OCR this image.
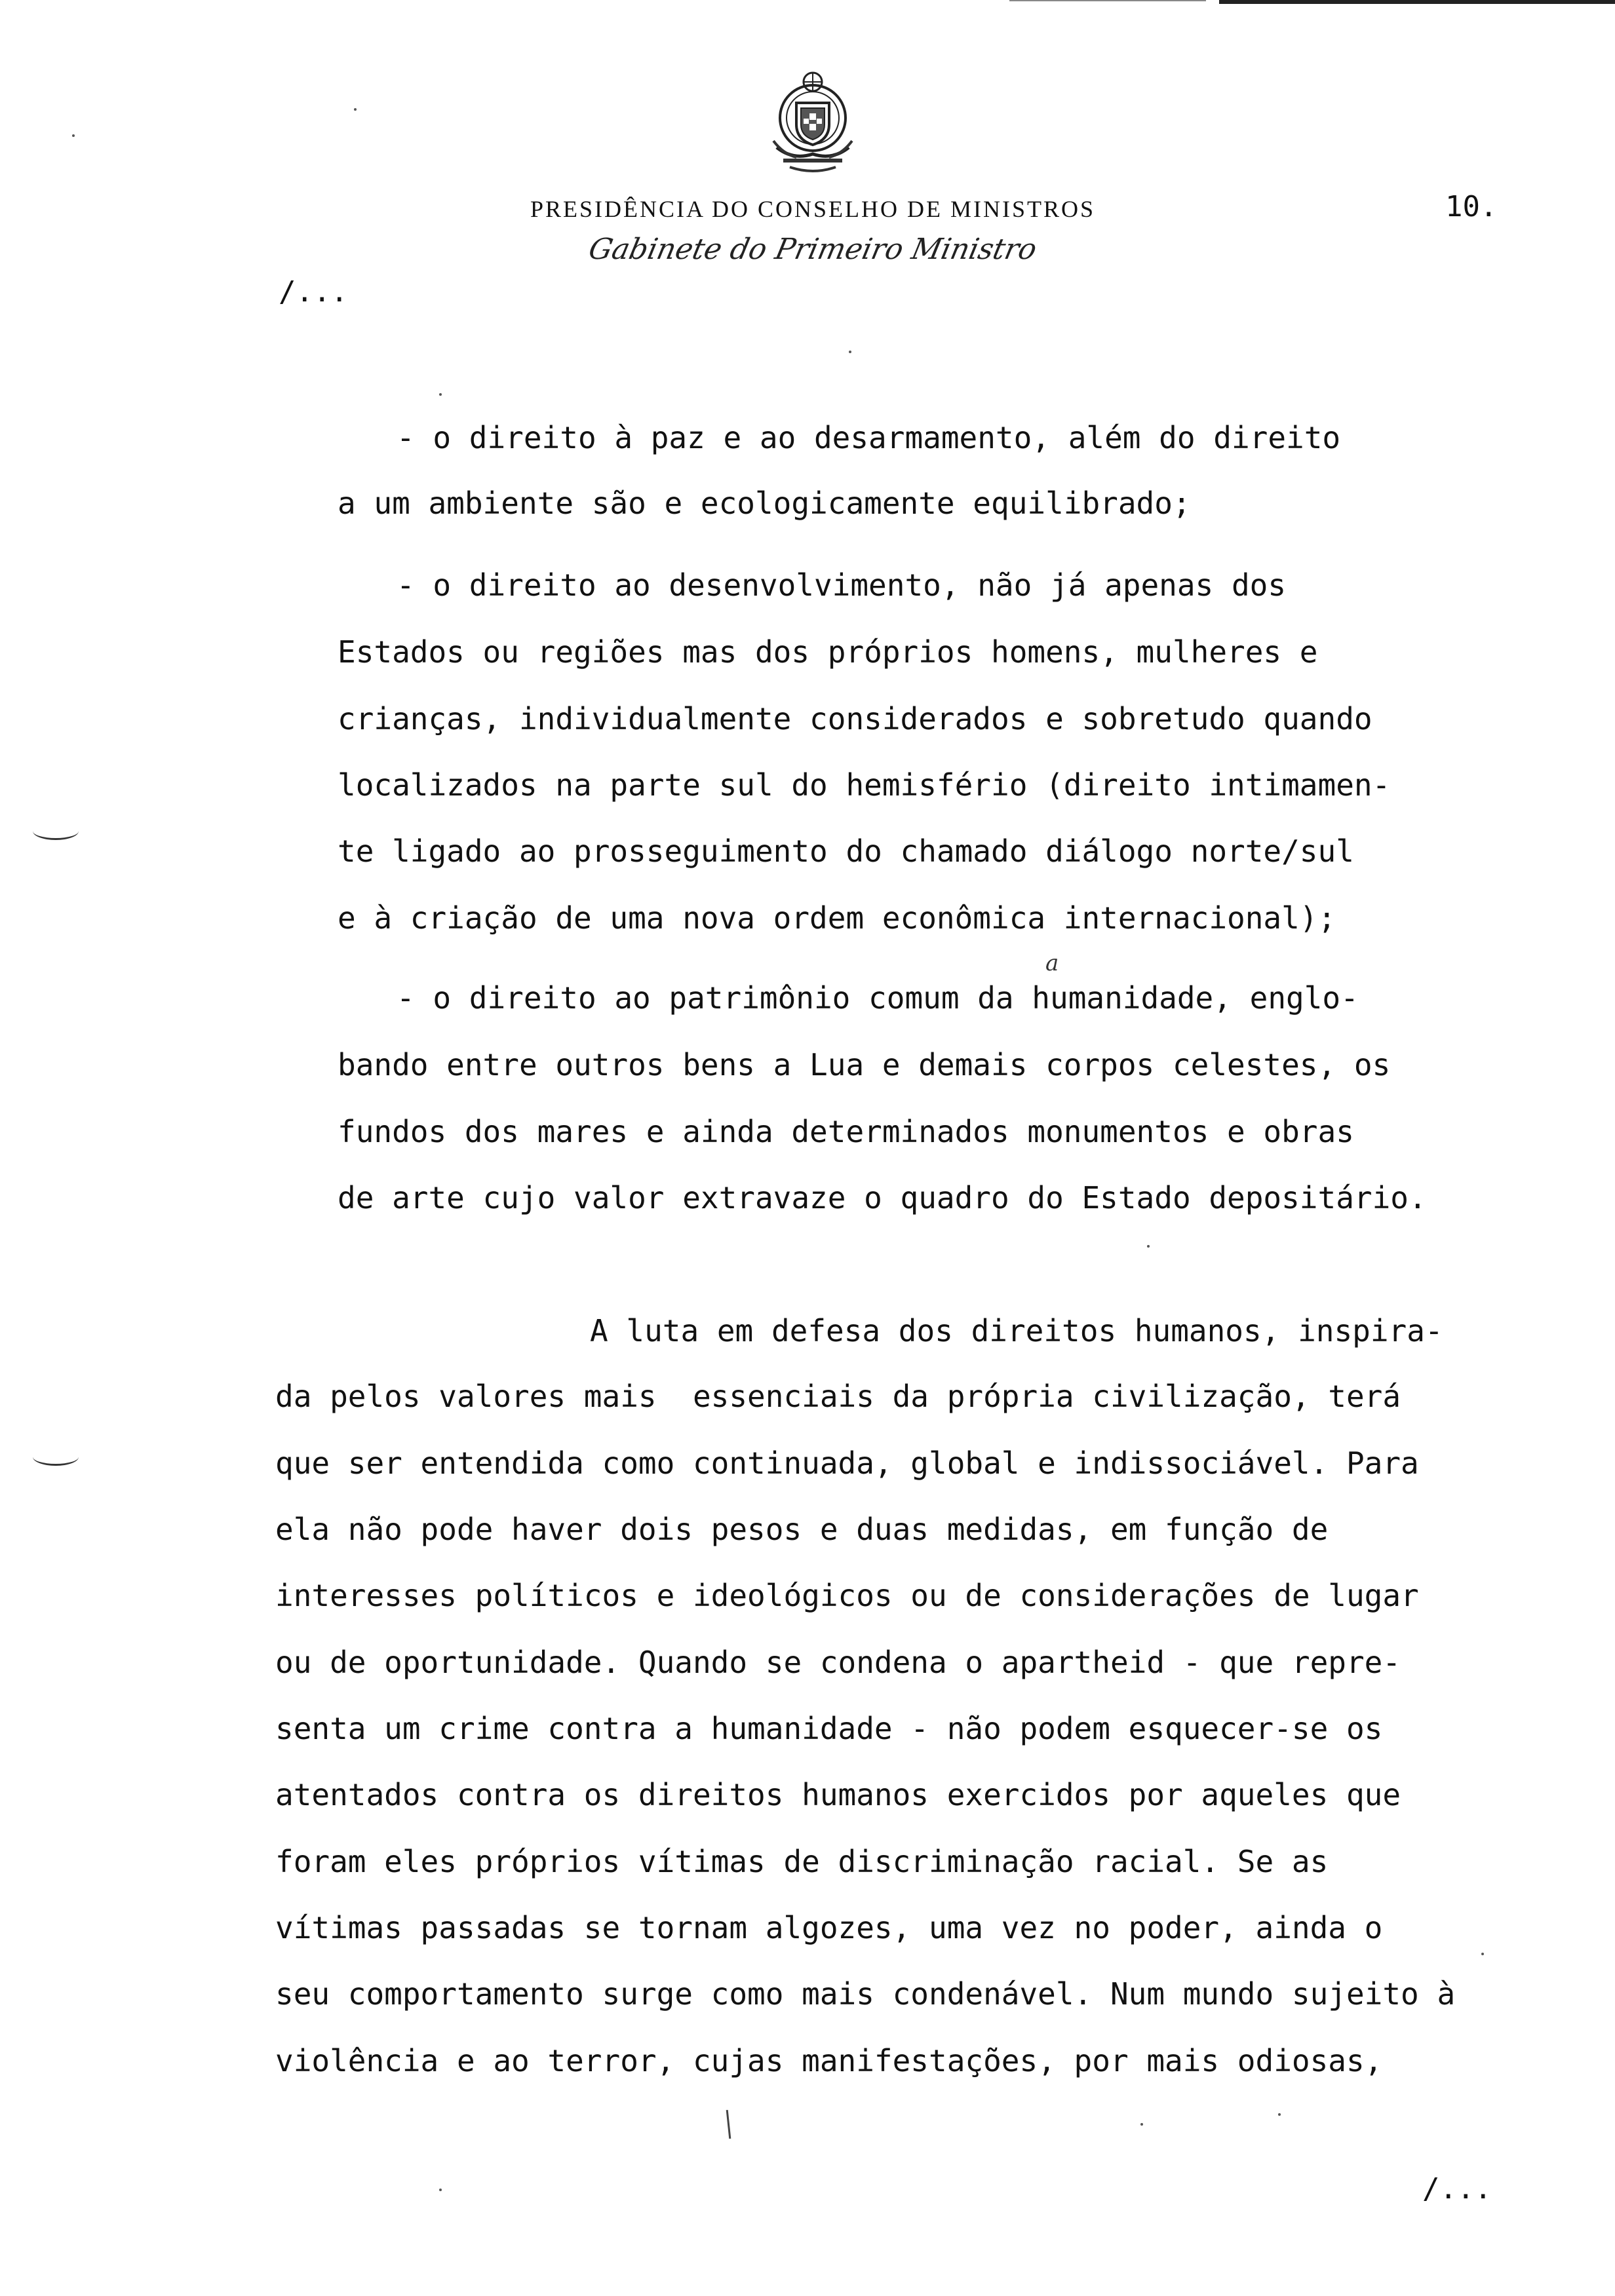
PRESIDÊNCIA DO CONSELHO DE MINISTROS
Gabinete do Primeiro Ministro
10.
/...
- o direito à paz e ao desarmamento, além do direito
a um ambiente são e ecologicamente equilibrado;
- o direito ao desenvolvimento, não já apenas dos
Estados ou regiões mas dos próprios homens, mulheres e
crianças, individualmente considerados e sobretudo quando
localizados na parte sul do hemisfério (direito intimamen-
te ligado ao prosseguimento do chamado diálogo norte/sul
e à criação de uma nova ordem econômica internacional);
a
- o direito ao patrimônio comum da humanidade, englo-
bando entre outros bens a Lua e demais corpos celestes, os
fundos dos mares e ainda determinados monumentos e obras
de arte cujo valor extravaze o quadro do Estado depositário.
A luta em defesa dos direitos humanos, inspira-
da pelos valores mais  essenciais da própria civilização, terá
que ser entendida como continuada, global e indissociável. Para
ela não pode haver dois pesos e duas medidas, em função de
interesses políticos e ideológicos ou de considerações de lugar
ou de oportunidade. Quando se condena o apartheid - que repre-
senta um crime contra a humanidade - não podem esquecer-se os
atentados contra os direitos humanos exercidos por aqueles que
foram eles próprios vítimas de discriminação racial. Se as
vítimas passadas se tornam algozes, uma vez no poder, ainda o
seu comportamento surge como mais condenável. Num mundo sujeito à
violência e ao terror, cujas manifestações, por mais odiosas,
/...
